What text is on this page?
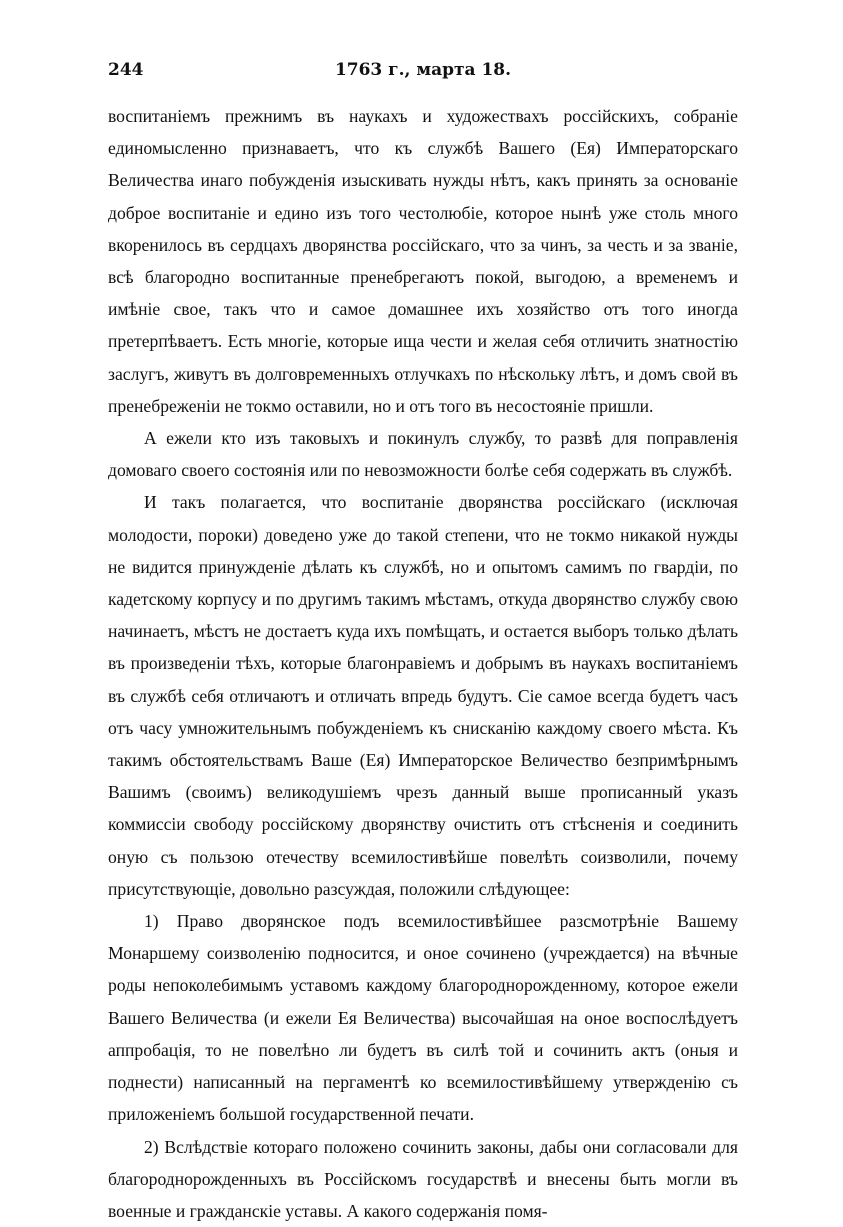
244	1763 г., марта 18.

воспитаніемъ прежнимъ въ наукахъ и художествахъ россійскихъ, собраніе единомысленно признаваетъ, что къ службѣ Вашего (Ея) Императорскаго Величества инаго побужденія изыскивать нужды нѣтъ, какъ принять за основаніе доброе воспитаніе и едино изъ того честолюбіе, которое нынѣ уже столь много вкоренилось въ сердцахъ дворянства россійскаго, что за чинъ, за честь и за званіе, всѣ благородно воспитанные пренебрегаютъ покой, выгодою, а временемъ и имѣніе свое, такъ что и самое домашнее ихъ хозяйство отъ того иногда претерпѣваетъ. Есть многіе, которые ища чести и желая себя отличить знатностію заслугъ, живутъ въ долговременныхъ отлучкахъ по нѣскольку лѣтъ, и домъ свой въ пренебреженіи не токмо оставили, но и отъ того въ несостояніе пришли.

А ежели кто изъ таковыхъ и покинулъ службу, то развѣ для поправленія домоваго своего состоянія или по невозможности болѣе себя содержать въ службѣ.

И такъ полагается, что воспитаніе дворянства россійскаго (исключая молодости, пороки) доведено уже до такой степени, что не токмо никакой нужды не видится принужденіе дѣлать къ службѣ, но и опытомъ самимъ по гвардіи, по кадетскому корпусу и по другимъ такимъ мѣстамъ, откуда дворянство службу свою начинаетъ, мѣстъ не достаетъ куда ихъ помѣщать, и остается выборъ только дѣлать въ произведеніи тѣхъ, которые благонравіемъ и добрымъ въ наукахъ воспитаніемъ въ службѣ себя отличаютъ и отличать впредь будутъ. Сіе самое всегда будетъ часъ отъ часу умножительнымъ побужденіемъ къ снисканію каждому своего мѣста. Къ такимъ обстоятельствамъ Ваше (Ея) Императорское Величество безпримѣрнымъ Вашимъ (своимъ) великодушіемъ чрезъ данный выше прописанный указъ коммиссіи свободу россійскому дворянству очистить отъ стѣсненія и соединить оную съ пользою отечеству всемилостивѣйше повелѣть соизволили, почему присутствующіе, довольно разсуждая, положили слѣдующее:

1) Право дворянское подъ всемилостивѣйшее разсмотрѣніе Вашему Монаршему соизволенію подносится, и оное сочинено (учреждается) на вѣчные роды непоколебимымъ уставомъ каждому благороднорожденному, которое ежели Вашего Величества (и ежели Ея Величества) высочайшая на оное воспослѣдуетъ аппробація, то не повелѣно ли будетъ въ силѣ той и сочинить актъ (оныя и поднести) написанный на пергаментѣ ко всемилостивѣйшему утвержденію съ приложеніемъ большой государственной печати.

2) Вслѣдствіе котораго положено сочинить законы, дабы они согласовали для благороднорожденныхъ въ Россійскомъ государствѣ и внесены быть могли въ военные и гражданскіе уставы. А какого содержанія помя-
